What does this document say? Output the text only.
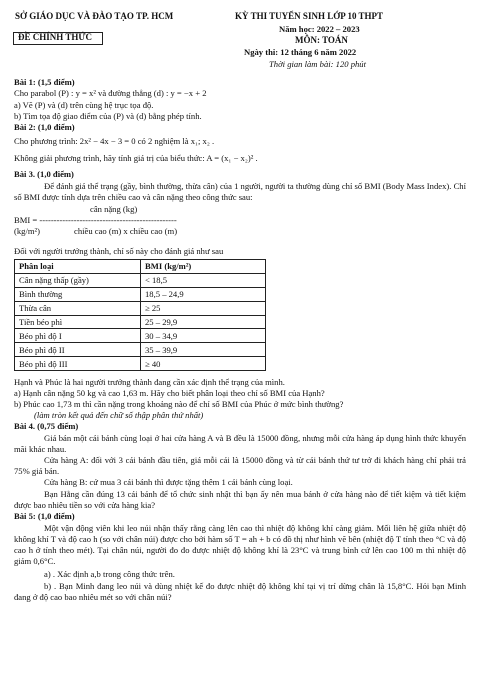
SỞ GIÁO DỤC VÀ ĐÀO TẠO TP. HCM
ĐỀ CHÍNH THỨC
KỲ THI TUYỂN SINH LỚP 10 THPT
Năm học: 2022 – 2023
MÔN: TOÁN
Ngày thi: 12 tháng 6 năm 2022
Thời gian làm bài: 120 phút
Bài 1: (1,5 điểm)
Cho parabol (P) : y = x² và đường thẳng (d) : y = −x + 2
a) Vẽ (P) và (d) trên cùng hệ trục tọa độ.
b) Tìm tọa độ giao điểm của (P) và (d) bằng phép tính.
Bài 2: (1,0 điểm)
Cho phương trình: 2x² − 4x − 3 = 0 có 2 nghiệm là x₁; x₂ .
Không giải phương trình, hãy tính giá trị của biểu thức: A = (x₁ − x₂)² .
Bài 3. (1,0 điểm)
Để đánh giá thể trạng (gầy, bình thường, thừa cân) của 1 người, người ta thường dùng chỉ số BMI (Body Mass Index). Chỉ số BMI được tính dựa trên chiều cao và cân nặng theo công thức sau:
cân nặng (kg)
BMI = ------------------------------------------------
(kg/m²)	chiều cao (m) x chiều cao (m)
Đối với người trưởng thành, chỉ số này cho đánh giá như sau
Phân loại	BMI (kg/m²)
Cân nặng thấp (gầy)	< 18,5
Bình thường	18,5 – 24,9
Thừa cân	≥ 25
Tiền béo phì	25 – 29,9
Béo phì độ I	30 – 34,9
Béo phì độ II	35 – 39,9
Béo phì độ III	≥ 40
Hạnh và Phúc là hai người trưởng thành đang cần xác định thể trạng của mình.
a) Hạnh cân nặng 50 kg và cao 1,63 m. Hãy cho biết phân loại theo chỉ số BMI của Hạnh?
b) Phúc cao 1,73 m thì cần nặng trong khoảng nào để chỉ số BMI của Phúc ở mức bình thường?
(làm tròn kết quả đến chữ số thập phân thứ nhất)
Bài 4. (0,75 điểm)
Giá bán một cái bánh cùng loại ở hai cửa hàng A và B đều là 15000 đồng, nhưng mỗi cửa hàng áp dụng hình thức khuyến mãi khác nhau.
Cửa hàng A: đối với 3 cái bánh đầu tiên, giá mỗi cái là 15000 đồng và từ cái bánh thứ tư trở đi khách hàng chỉ phải trả 75% giá bán.
Cửa hàng B: cứ mua 3 cái bánh thì được tặng thêm 1 cái bánh cùng loại.
Bạn Hằng cần đúng 13 cái bánh để tổ chức sinh nhật thì bạn ấy nên mua bánh ở cửa hàng nào để tiết kiệm và tiết kiệm được bao nhiêu tiền so với cửa hàng kia?
Bài 5: (1,0 điểm)
Một vận động viên khi leo núi nhận thấy rằng càng lên cao thì nhiệt độ không khí càng giảm. Mối liên hệ giữa nhiệt độ không khí T và độ cao h (so với chân núi) được cho bởi hàm số T = ah + b có đồ thị như hình vẽ bên (nhiệt độ T tính theo °C và độ cao h ở tính theo mét). Tại chân núi, người đo đo được nhiệt độ không khí là 23°C và trung bình cứ lên cao 100 m thì nhiệt độ giảm 0,6°C.
a) . Xác định a,b trong công thức trên.
b) . Bạn Minh đang leo núi và dùng nhiệt kế đo được nhiệt độ không khí tại vị trí dừng chân là 15,8°C. Hỏi bạn Minh đang ở độ cao bao nhiêu mét so với chân núi?
